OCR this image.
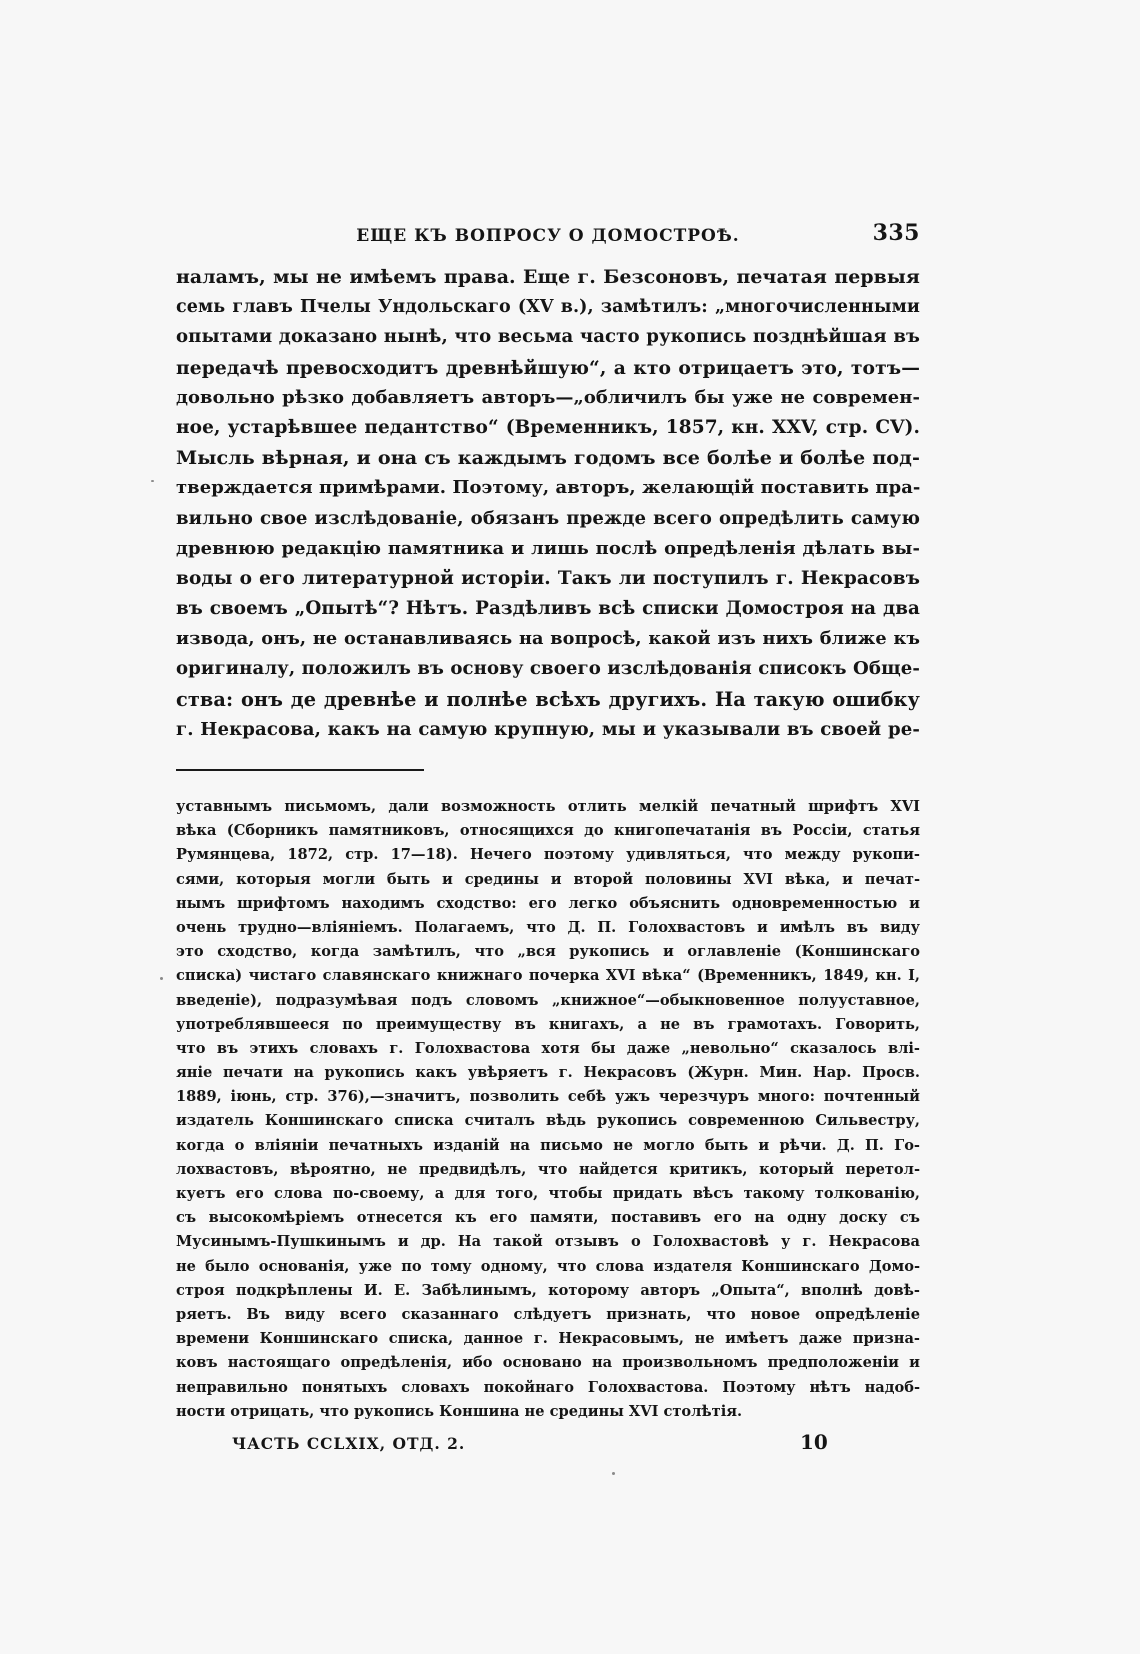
ЕЩЕ КЪ ВОПРОСУ О ДОМОСТРОѢ.	335
наламъ, мы не имѣемъ права. Еще г. Безсоновъ, печатая первыя
семь главъ Пчелы Ундольскаго (XV в.), замѣтилъ: „многочисленными
опытами доказано нынѣ, что весьма часто рукопись позднѣйшая въ
передачѣ превосходитъ древнѣйшую“, а кто отрицаетъ это, тотъ—
довольно рѣзко добавляетъ авторъ—„обличилъ бы уже не современ-
ное, устарѣвшее педантство“ (Временникъ, 1857, кн. XXV, стр. CV).
Мысль вѣрная, и она съ каждымъ годомъ все болѣе и болѣе под-
тверждается примѣрами. Поэтому, авторъ, желающій поставить пра-
вильно свое изслѣдованіе, обязанъ прежде всего опредѣлить самую
древнюю редакцію памятника и лишь послѣ опредѣленія дѣлать вы-
воды о его литературной исторіи. Такъ ли поступилъ г. Некрасовъ
въ своемъ „Опытѣ“? Нѣтъ. Раздѣливъ всѣ списки Домостроя на два
извода, онъ, не останавливаясь на вопросѣ, какой изъ нихъ ближе къ
оригиналу, положилъ въ основу своего изслѣдованія списокъ Обще-
ства: онъ де древнѣе и полнѣе всѣхъ другихъ. На такую ошибку
г. Некрасова, какъ на самую крупную, мы и указывали въ своей ре-
уставнымъ письмомъ, дали возможность отлить мелкій печатный шрифтъ XVI
вѣка (Сборникъ памятниковъ, относящихся до книгопечатанія въ Россіи, статья
Румянцева, 1872, стр. 17—18). Нечего поэтому удивляться, что между рукопи-
сями, которыя могли быть и средины и второй половины XVI вѣка, и печат-
нымъ шрифтомъ находимъ сходство: его легко объяснить одновременностью и
очень трудно—вліяніемъ. Полагаемъ, что Д. П. Голохвастовъ и имѣлъ въ виду
это сходство, когда замѣтилъ, что „вся рукопись и оглавленіе (Коншинскаго
списка) чистаго славянскаго книжнаго почерка XVI вѣка“ (Временникъ, 1849, кн. I,
введеніе), подразумѣвая подъ словомъ „книжное“—обыкновенное полууставное,
употреблявшееся по преимуществу въ книгахъ, а не въ грамотахъ. Говорить,
что въ этихъ словахъ г. Голохвастова хотя бы даже „невольно“ сказалось влі-
яніе печати на рукопись какъ увѣряетъ г. Некрасовъ (Журн. Мин. Нар. Просв.
1889, іюнь, стр. 376),—значитъ, позволить себѣ ужъ черезчуръ много: почтенный
издатель Коншинскаго списка считалъ вѣдь рукопись современною Сильвестру,
когда о вліяніи печатныхъ изданій на письмо не могло быть и рѣчи. Д. П. Го-
лохвастовъ, вѣроятно, не предвидѣлъ, что найдется критикъ, который перетол-
куетъ его слова по-своему, а для того, чтобы придать вѣсъ такому толкованію,
съ высокомѣріемъ отнесется къ его памяти, поставивъ его на одну доску съ
Мусинымъ-Пушкинымъ и др. На такой отзывъ о Голохвастовѣ у г. Некрасова
не было основанія, уже по тому одному, что слова издателя Коншинскаго Домо-
строя подкрѣплены И. Е. Забѣлинымъ, которому авторъ „Опыта“, вполнѣ довѣ-
ряетъ. Въ виду всего сказаннаго слѣдуетъ признать, что новое опредѣленіе
времени Коншинскаго списка, данное г. Некрасовымъ, не имѣетъ даже призна-
ковъ настоящаго опредѣленія, ибо основано на произвольномъ предположеніи и
неправильно понятыхъ словахъ покойнаго Голохвастова. Поэтому нѣтъ надоб-
ности отрицать, что рукопись Коншина не средины XVI столѣтія.
ЧАСТЬ CCLXIX, ОТД. 2.	10
